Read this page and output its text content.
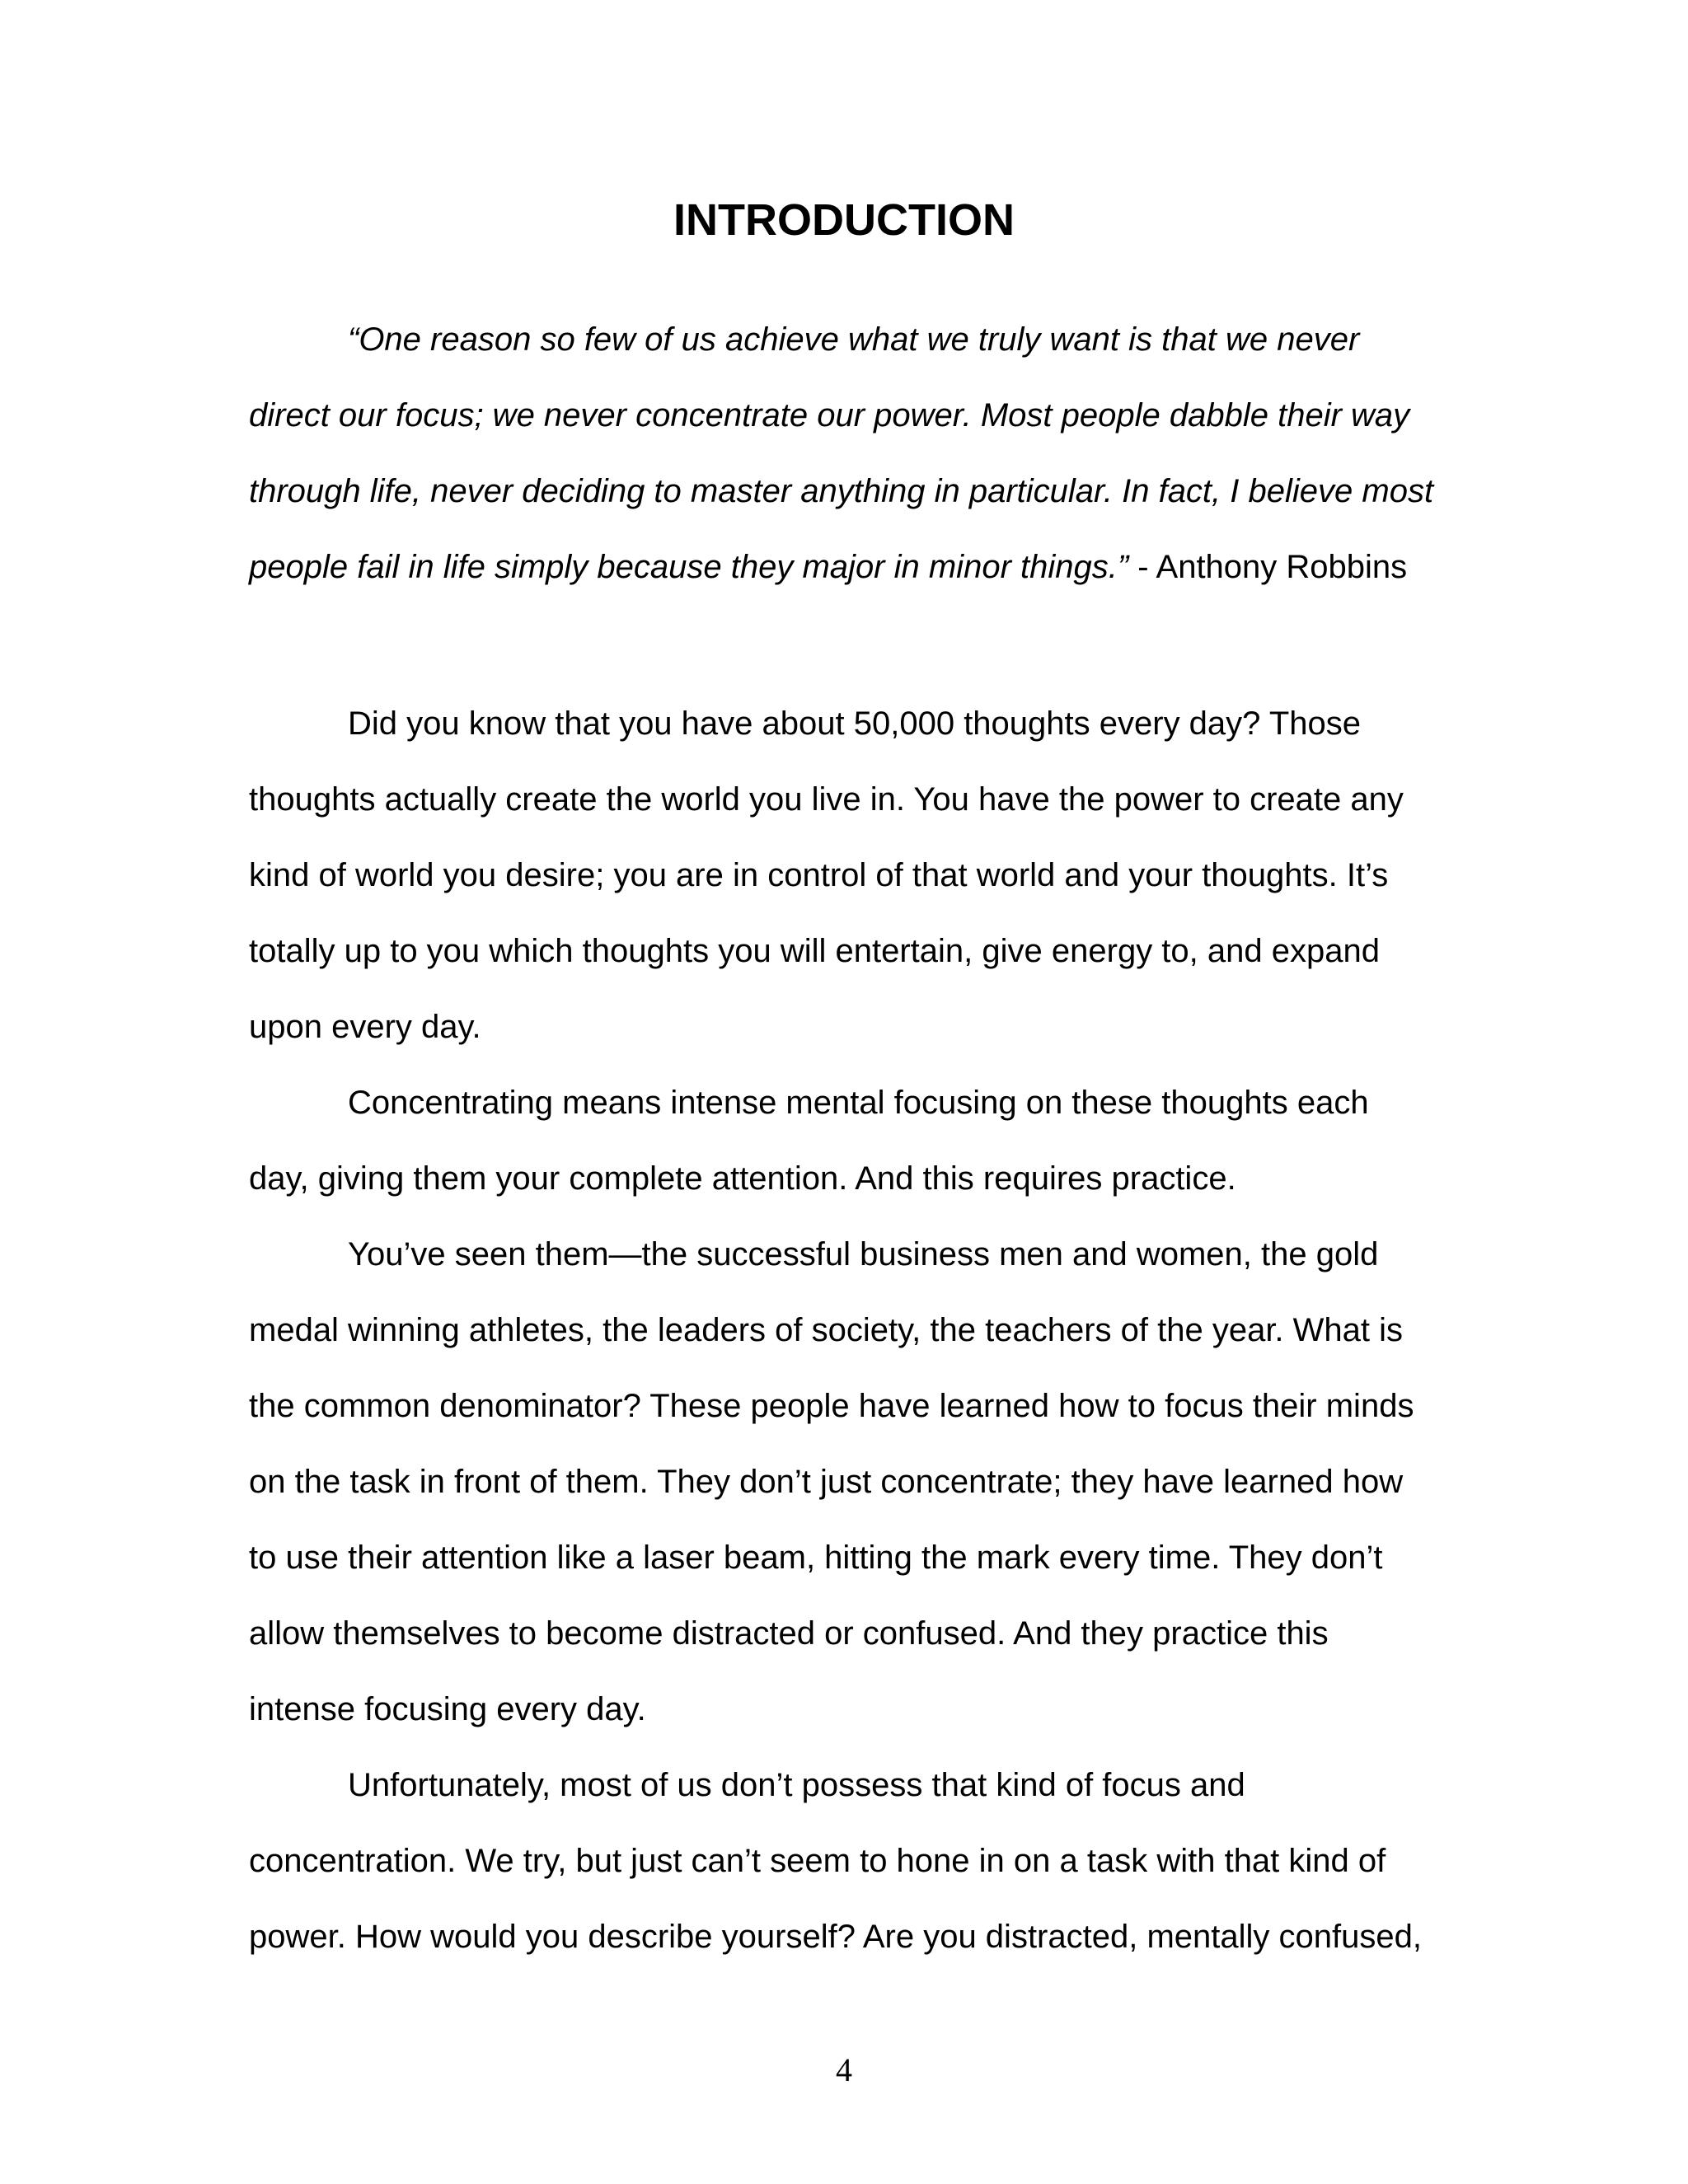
INTRODUCTION
“One reason so few of us achieve what we truly want is that we never
direct our focus; we never concentrate our power. Most people dabble their way
through life, never deciding to master anything in particular. In fact, I believe most
people fail in life simply because they major in minor things.” - Anthony Robbins
Did you know that you have about 50,000 thoughts every day? Those
thoughts actually create the world you live in. You have the power to create any
kind of world you desire; you are in control of that world and your thoughts. It’s
totally up to you which thoughts you will entertain, give energy to, and expand
upon every day.
Concentrating means intense mental focusing on these thoughts each
day, giving them your complete attention. And this requires practice.
You’ve seen them—the successful business men and women, the gold
medal winning athletes, the leaders of society, the teachers of the year. What is
the common denominator? These people have learned how to focus their minds
on the task in front of them. They don’t just concentrate; they have learned how
to use their attention like a laser beam, hitting the mark every time. They don’t
allow themselves to become distracted or confused. And they practice this
intense focusing every day.
Unfortunately, most of us don’t possess that kind of focus and
concentration. We try, but just can’t seem to hone in on a task with that kind of
power. How would you describe yourself? Are you distracted, mentally confused,
4
